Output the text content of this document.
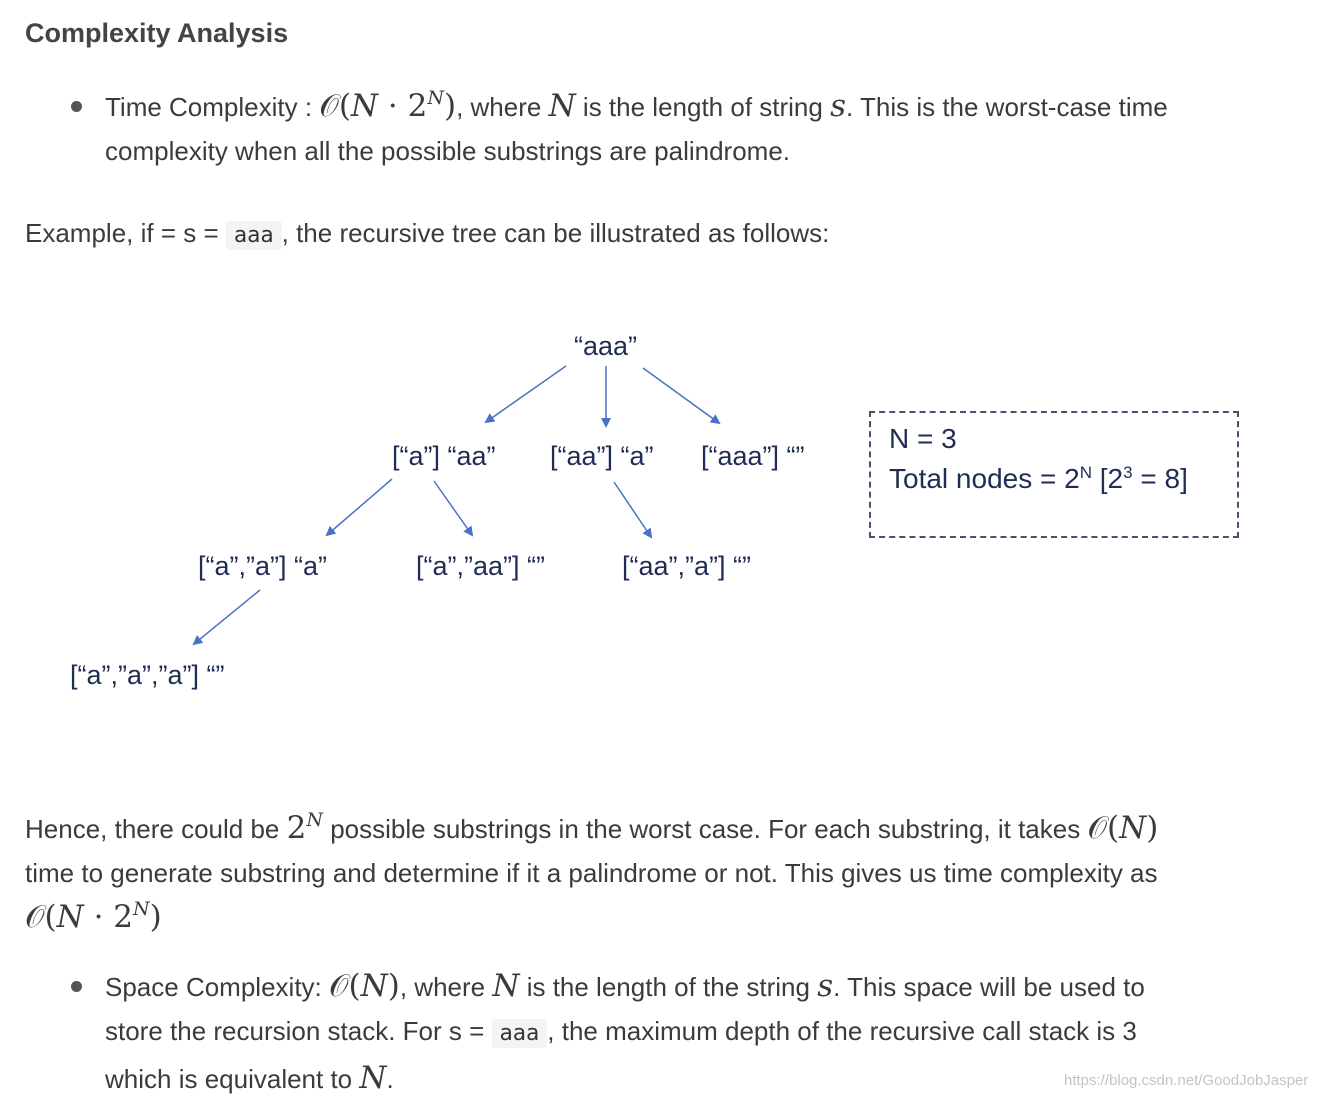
Complexity Analysis
Time Complexity : 𝒪(N · $2^N$), where N is the length of string s. This is the worst-case time
complexity when all the possible substrings are palindrome.
Example, if = s = aaa , the recursive tree can be illustrated as follows:
“aaa”
[“a”] “aa” [“aa”] “a” [“aaa”] “”
[“a”,”a”] “a”	[“a”,”aa”] “”	[“aa”,”a”] “”
[“a”,”a”,”a”] “”
N = 3
Total nodes = $2^N$ $[2^3 = 8]$
Hence, there could be $2^N$ possible substrings in the worst case. For each substring, it takes 𝒪(N)
time to generate substring and determine if it a palindrome or not. This gives us time complexity as
𝒪(N · $2^N$)
Space Complexity: 𝒪(N), where N is the length of the string s. This space will be used to
store the recursion stack. For s = aaa , the maximum depth of the recursive call stack is 3
which is equivalent to N.	https://blog.csdn.net/GoodJobJasper
